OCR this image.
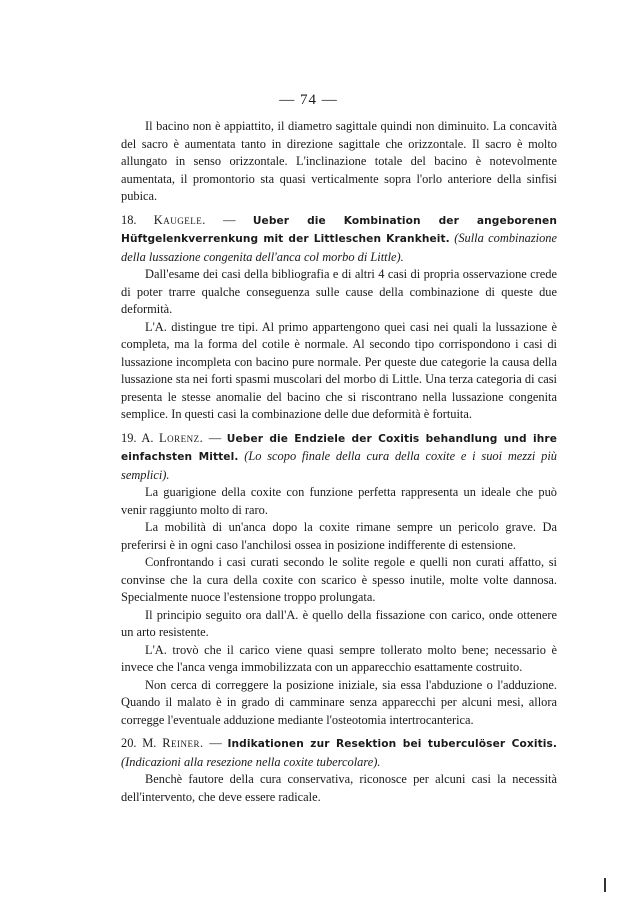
— 74 —

Il bacino non è appiattito, il diametro sagittale quindi non diminuito. La concavità del sacro è aumentata tanto in direzione sagittale che orizzontale. Il sacro è molto allungato in senso orizzontale. L'inclinazione totale del bacino è notevolmente aumentata, il promontorio sta quasi verticalmente sopra l'orlo anteriore della sinfisi pubica.

18. Kaugele. — Ueber die Kombination der angeborenen Hüftgelenkverrenkung mit der Littleschen Krankheit. (Sulla combinazione della lussazione congenita dell'anca col morbo di Little).

Dall'esame dei casi della bibliografia e di altri 4 casi di propria osservazione crede di poter trarre qualche conseguenza sulle cause della combinazione di queste due deformità.

L'A. distingue tre tipi. Al primo appartengono quei casi nei quali la lussazione è completa, ma la forma del cotile è normale. Al secondo tipo corrispondono i casi di lussazione incompleta con bacino pure normale. Per queste due categorie la causa della lussazione sta nei forti spasmi muscolari del morbo di Little. Una terza categoria di casi presenta le stesse anomalie del bacino che si riscontrano nella lussazione congenita semplice. In questi casi la combinazione delle due deformità è fortuita.

19. A. Lorenz. — Ueber die Endziele der Coxitis behandlung und ihre einfachsten Mittel. (Lo scopo finale della cura della coxite e i suoi mezzi più semplici).

La guarigione della coxite con funzione perfetta rappresenta un ideale che può venir raggiunto molto di raro.

La mobilità di un'anca dopo la coxite rimane sempre un pericolo grave. Da preferirsi è in ogni caso l'anchilosi ossea in posizione indifferente di estensione.

Confrontando i casi curati secondo le solite regole e quelli non curati affatto, si convinse che la cura della coxite con scarico è spesso inutile, molte volte dannosa. Specialmente nuoce l'estensione troppo prolungata.

Il principio seguito ora dall'A. è quello della fissazione con carico, onde ottenere un arto resistente.

L'A. trovò che il carico viene quasi sempre tollerato molto bene; necessario è invece che l'anca venga immobilizzata con un apparecchio esattamente costruito.

Non cerca di correggere la posizione iniziale, sia essa l'abduzione o l'adduzione. Quando il malato è in grado di camminare senza apparecchi per alcuni mesi, allora corregge l'eventuale adduzione mediante l'osteotomia intertrocanterica.

20. M. Reiner. — Indikationen zur Resektion bei tuberculöser Coxitis. (Indicazioni alla resezione nella coxite tubercolare).

Benchè fautore della cura conservativa, riconosce per alcuni casi la necessità dell'intervento, che deve essere radicale.
